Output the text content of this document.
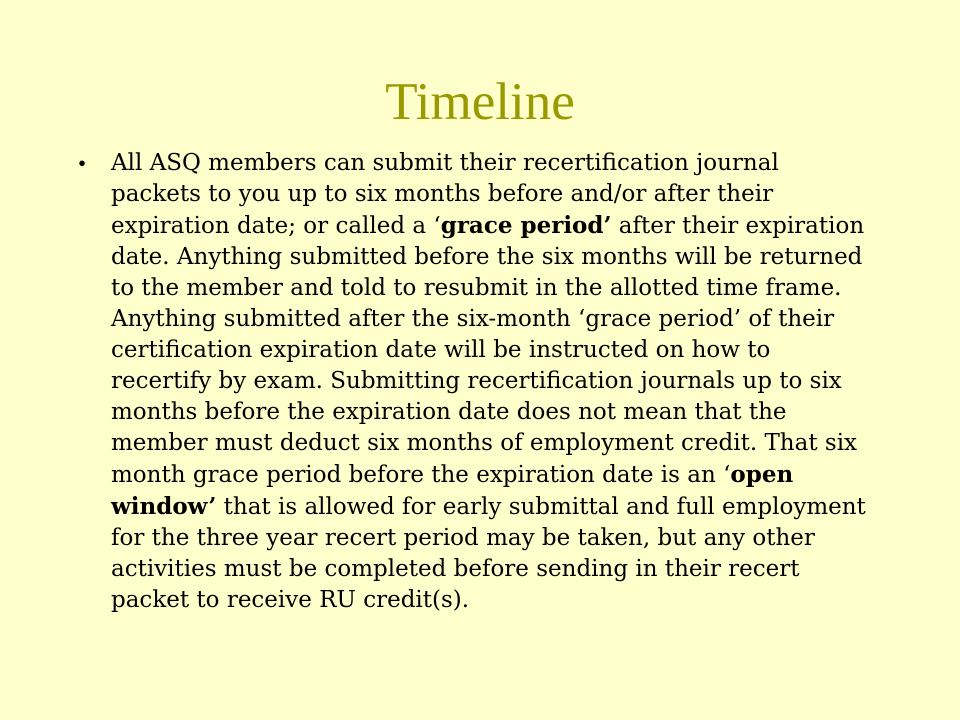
Timeline
• All ASQ members can submit their recertification journal packets to you up to six months before and/or after their expiration date; or called a ‘grace period’ after their expiration date. Anything submitted before the six months will be returned to the member and told to resubmit in the allotted time frame. Anything submitted after the six-month ‘grace period’ of their certification expiration date will be instructed on how to recertify by exam. Submitting recertification journals up to six months before the expiration date does not mean that the member must deduct six months of employment credit. That six month grace period before the expiration date is an ‘open window’ that is allowed for early submittal and full employment for the three year recert period may be taken, but any other activities must be completed before sending in their recert packet to receive RU credit(s).
